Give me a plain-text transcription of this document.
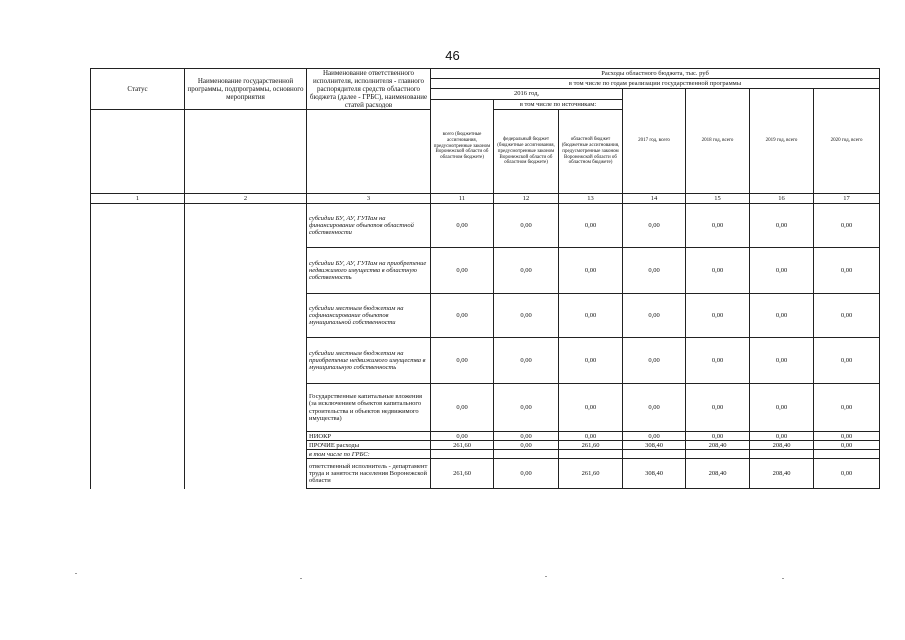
46
Статус	Наименование государственной программы, подпрограммы, основного мероприятия	Наименование ответственного исполнителя, исполнителя - главного распорядителя средств областного бюджета (далее - ГРБС), наименование статей расходов	Расходы областного бюджета, тыс. руб						
			в том числе по годам реализации государственной программы						
			2016 год,			2017 год, всего	2018 год, всего	2019 год, всего	2020 год, всего
			всего (бюджетные ассигнования, предусмотренные законом Воронежской области об областном бюджете)	в том числе по источникам:					
				федеральный бюджет (бюджетные ассигнования, предусмотренные законом Воронежской области об областном бюджете)	областной бюджет (бюджетные ассигнования, предусмотренные законом Воронежской области об областном бюджете)				
1	2	3	11	12	13	14	15	16	17
		субсидии БУ, АУ, ГУПам на финансирование объектов областной собственности	0,00	0,00	0,00	0,00	0,00	0,00	0,00
		субсидии БУ, АУ, ГУПам на приобретение недвижимого имущества в областную собственность	0,00	0,00	0,00	0,00	0,00	0,00	0,00
		субсидии местным бюджетам на софинансирование объектов муниципальной собственности	0,00	0,00	0,00	0,00	0,00	0,00	0,00
		субсидии местным бюджетам на приобретение недвижимого имущества в муниципальную собственность	0,00	0,00	0,00	0,00	0,00	0,00	0,00
		Государственные капитальные вложения (за исключением объектов капитального строительства и объектов недвижимого имущества)	0,00	0,00	0,00	0,00	0,00	0,00	0,00
		НИОКР	0,00	0,00	0,00	0,00	0,00	0,00	0,00
		ПРОЧИЕ расходы	261,60	0,00	261,60	308,40	208,40	208,40	0,00
		в том числе по ГРБС:							
		ответственный исполнитель - департамент труда и занятости населения Воронежской области	261,60	0,00	261,60	308,40	208,40	208,40	0,00
